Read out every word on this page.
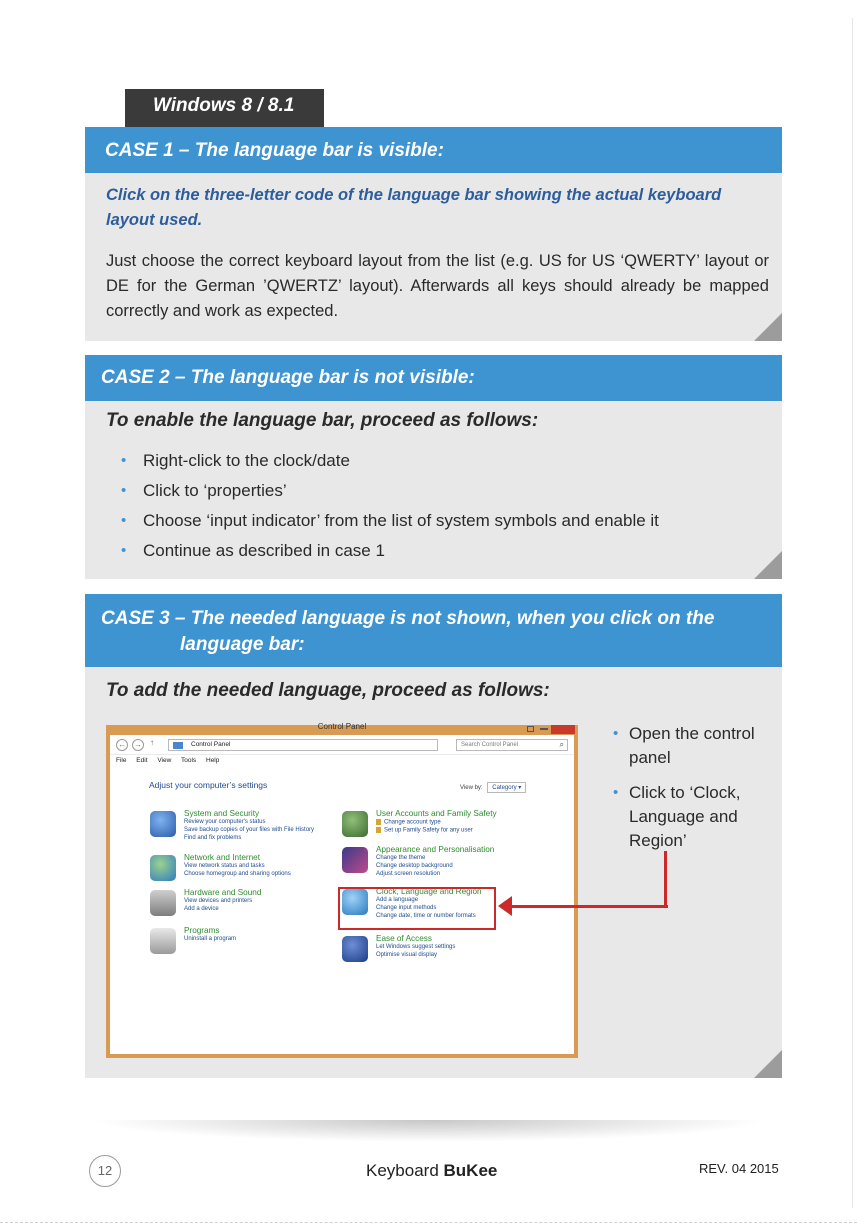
Windows 8 / 8.1
CASE 1 – The language bar is visible:

Click on the three-letter code of the language bar showing the actual keyboard layout used.

Just choose the correct keyboard layout from the list (e.g. US for US ‘QWERTY’ layout or DE for the German ’QWERTZ’ layout). Afterwards all keys should already be mapped correctly and work as expected.

CASE 2 – The language bar is not visible:

To enable the language bar, proceed as follows:

• Right-click to the clock/date
• Click to ‘properties’
• Choose ‘input indicator’ from the list of system symbols and enable it
• Continue as described in case 1
CASE 3 – The needed language is not shown, when you click on the
language bar:

To add the needed language, proceed as follows:

• Open the control panel
• Click to ‘Clock, Language and Region’
Control Panel
← → ↑	Control Panel	Search Control Panel	⌕
File Edit View Tools Help
Adjust your computer’s settings	View by: Category ▾
System and Security
Review your computer's status
Save backup copies of your files with File History
Find and fix problems
Network and Internet
View network status and tasks
Choose homegroup and sharing options
Hardware and Sound
View devices and printers
Add a device
Programs
Uninstall a program
User Accounts and Family Safety
Change account type
Set up Family Safety for any user
Appearance and Personalisation
Change the theme
Change desktop background
Adjust screen resolution
Clock, Language and Region
Add a language
Change input methods
Change date, time or number formats
Ease of Access
Let Windows suggest settings
Optimise visual display
12	Keyboard BuKee	REV. 04 2015
